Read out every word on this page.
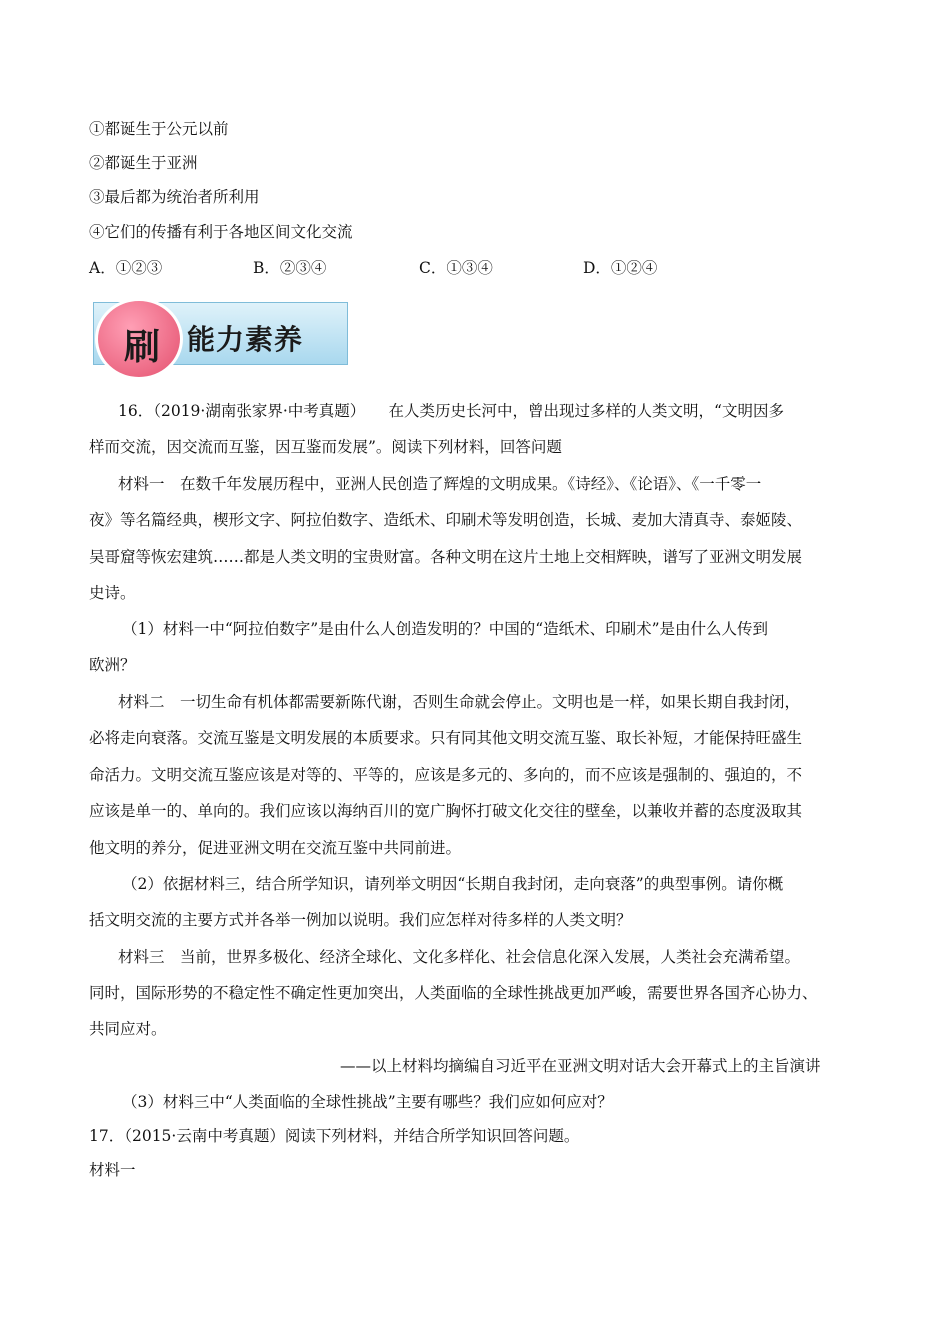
①都诞生于公元以前
②都诞生于亚洲
③最后都为统治者所利用
④它们的传播有利于各地区间文化交流
A．①②③	B．②③④	C．①③④	D．①②④
刷 能力素养
16．（2019·湖南张家界·中考真题）　　在人类历史长河中，曾出现过多样的人类文明，“文明因多
样而交流，因交流而互鉴，因互鉴而发展”。阅读下列材料，回答问题
材料一　在数千年发展历程中，亚洲人民创造了辉煌的文明成果。《诗经》、《论语》、《一千零一
夜》等名篇经典，楔形文字、阿拉伯数字、造纸术、印刷术等发明创造，长城、麦加大清真寺、泰姬陵、
吴哥窟等恢宏建筑……都是人类文明的宝贵财富。各种文明在这片土地上交相辉映，谱写了亚洲文明发展
史诗。
（1）材料一中“阿拉伯数字”是由什么人创造发明的？中国的“造纸术、印刷术”是由什么人传到
欧洲？
材料二　一切生命有机体都需要新陈代谢，否则生命就会停止。文明也是一样，如果长期自我封闭，
必将走向衰落。交流互鉴是文明发展的本质要求。只有同其他文明交流互鉴、取长补短，才能保持旺盛生
命活力。文明交流互鉴应该是对等的、平等的，应该是多元的、多向的，而不应该是强制的、强迫的，不
应该是单一的、单向的。我们应该以海纳百川的宽广胸怀打破文化交往的壁垒，以兼收并蓄的态度汲取其
他文明的养分，促进亚洲文明在交流互鉴中共同前进。
（2）依据材料三，结合所学知识，请列举文明因“长期自我封闭，走向衰落”的典型事例。请你概
括文明交流的主要方式并各举一例加以说明。我们应怎样对待多样的人类文明？
材料三　当前，世界多极化、经济全球化、文化多样化、社会信息化深入发展，人类社会充满希望。
同时，国际形势的不稳定性不确定性更加突出，人类面临的全球性挑战更加严峻，需要世界各国齐心协力、
共同应对。
——以上材料均摘编自习近平在亚洲文明对话大会开幕式上的主旨演讲
（3）材料三中“人类面临的全球性挑战”主要有哪些？我们应如何应对？
17．（2015·云南中考真题）阅读下列材料，并结合所学知识回答问题。
材料一
